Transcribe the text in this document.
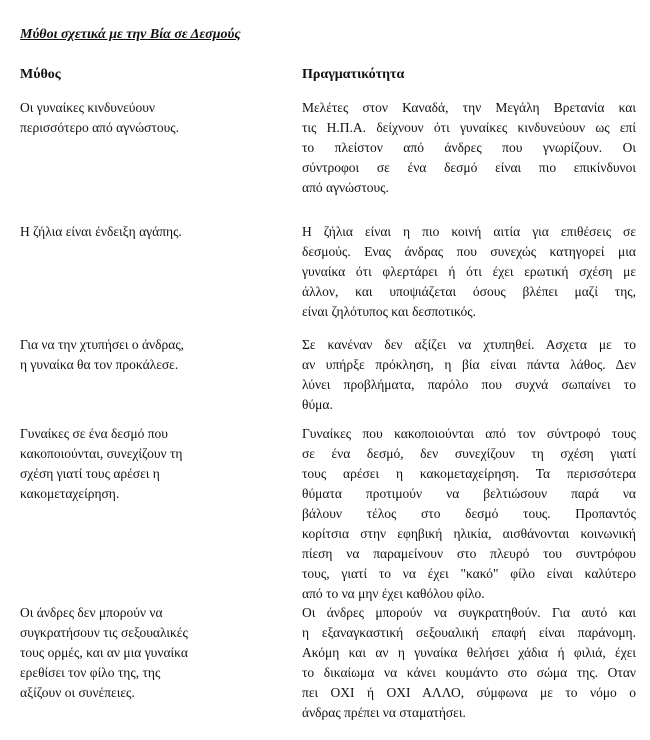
Μύθοι σχετικά με την Βία σε Δεσμούς
Μύθος	Πραγματικότητα
Οι γυναίκες κινδυνεύουν
περισσότερο από αγνώστους.
Μελέτες στον Καναδά, την Μεγάλη Βρετανία και
τις Η.Π.Α. δείχνουν ότι γυναίκες κινδυνεύουν ως επί
το πλείστον από άνδρες που γνωρίζουν. Οι
σύντροφοι σε ένα δεσμό είναι πιο επικίνδυνοι
από αγνώστους.
Η ζήλια είναι ένδειξη αγάπης.	Η ζήλια είναι η πιο κοινή αιτία για επιθέσεις σε
δεσμούς. Ενας άνδρας που συνεχώς κατηγορεί μια
γυναίκα ότι φλερτάρει ή ότι έχει ερωτική σχέση με
άλλον, και υποψιάζεται όσους βλέπει μαζί της,
είναι ζηλότυπος και δεσποτικός.
Για να την χτυπήσει ο άνδρας,
η γυναίκα θα τον προκάλεσε.
Σε κανέναν δεν αξίζει να χτυπηθεί. Ασχετα με το
αν υπήρξε πρόκληση, η βία είναι πάντα λάθος. Δεν
λύνει προβλήματα, παρόλο που συχνά σωπαίνει το
θύμα.
Γυναίκες σε ένα δεσμό που
κακοποιούνται, συνεχίζουν τη
σχέση γιατί τους αρέσει η
κακομεταχείρηση.
Γυναίκες που κακοποιούνται από τον σύντροφό τους
σε ένα δεσμό, δεν συνεχίζουν τη σχέση γιατί
τους αρέσει η κακομεταχείρηση. Τα περισσότερα
θύματα προτιμούν να βελτιώσουν παρά να
βάλουν τέλος στο δεσμό τους. Προπαντός
κορίτσια στην εφηβική ηλικία, αισθάνονται κοινωνική
πίεση να παραμείνουν στο πλευρό του συντρόφου
τους, γιατί το να έχει "κακό" φίλο είναι καλύτερο
από το να μην έχει καθόλου φίλο.
Οι άνδρες δεν μπορούν να
συγκρατήσουν τις σεξουαλικές
τους ορμές, και αν μια γυναίκα
ερεθίσει τον φίλο της, της
αξίζουν οι συνέπειες.
Οι άνδρες μπορούν να συγκρατηθούν. Για αυτό και
η εξαναγκαστική σεξουαλική επαφή είναι παράνομη.
Ακόμη και αν η γυναίκα θελήσει χάδια ή φιλιά, έχει
το δικαίωμα να κάνει κουμάντο στο σώμα της. Οταν
πει ΟΧΙ ή ΟΧΙ ΑΛΛΟ, σύμφωνα με το νόμο ο
άνδρας πρέπει να σταματήσει.
